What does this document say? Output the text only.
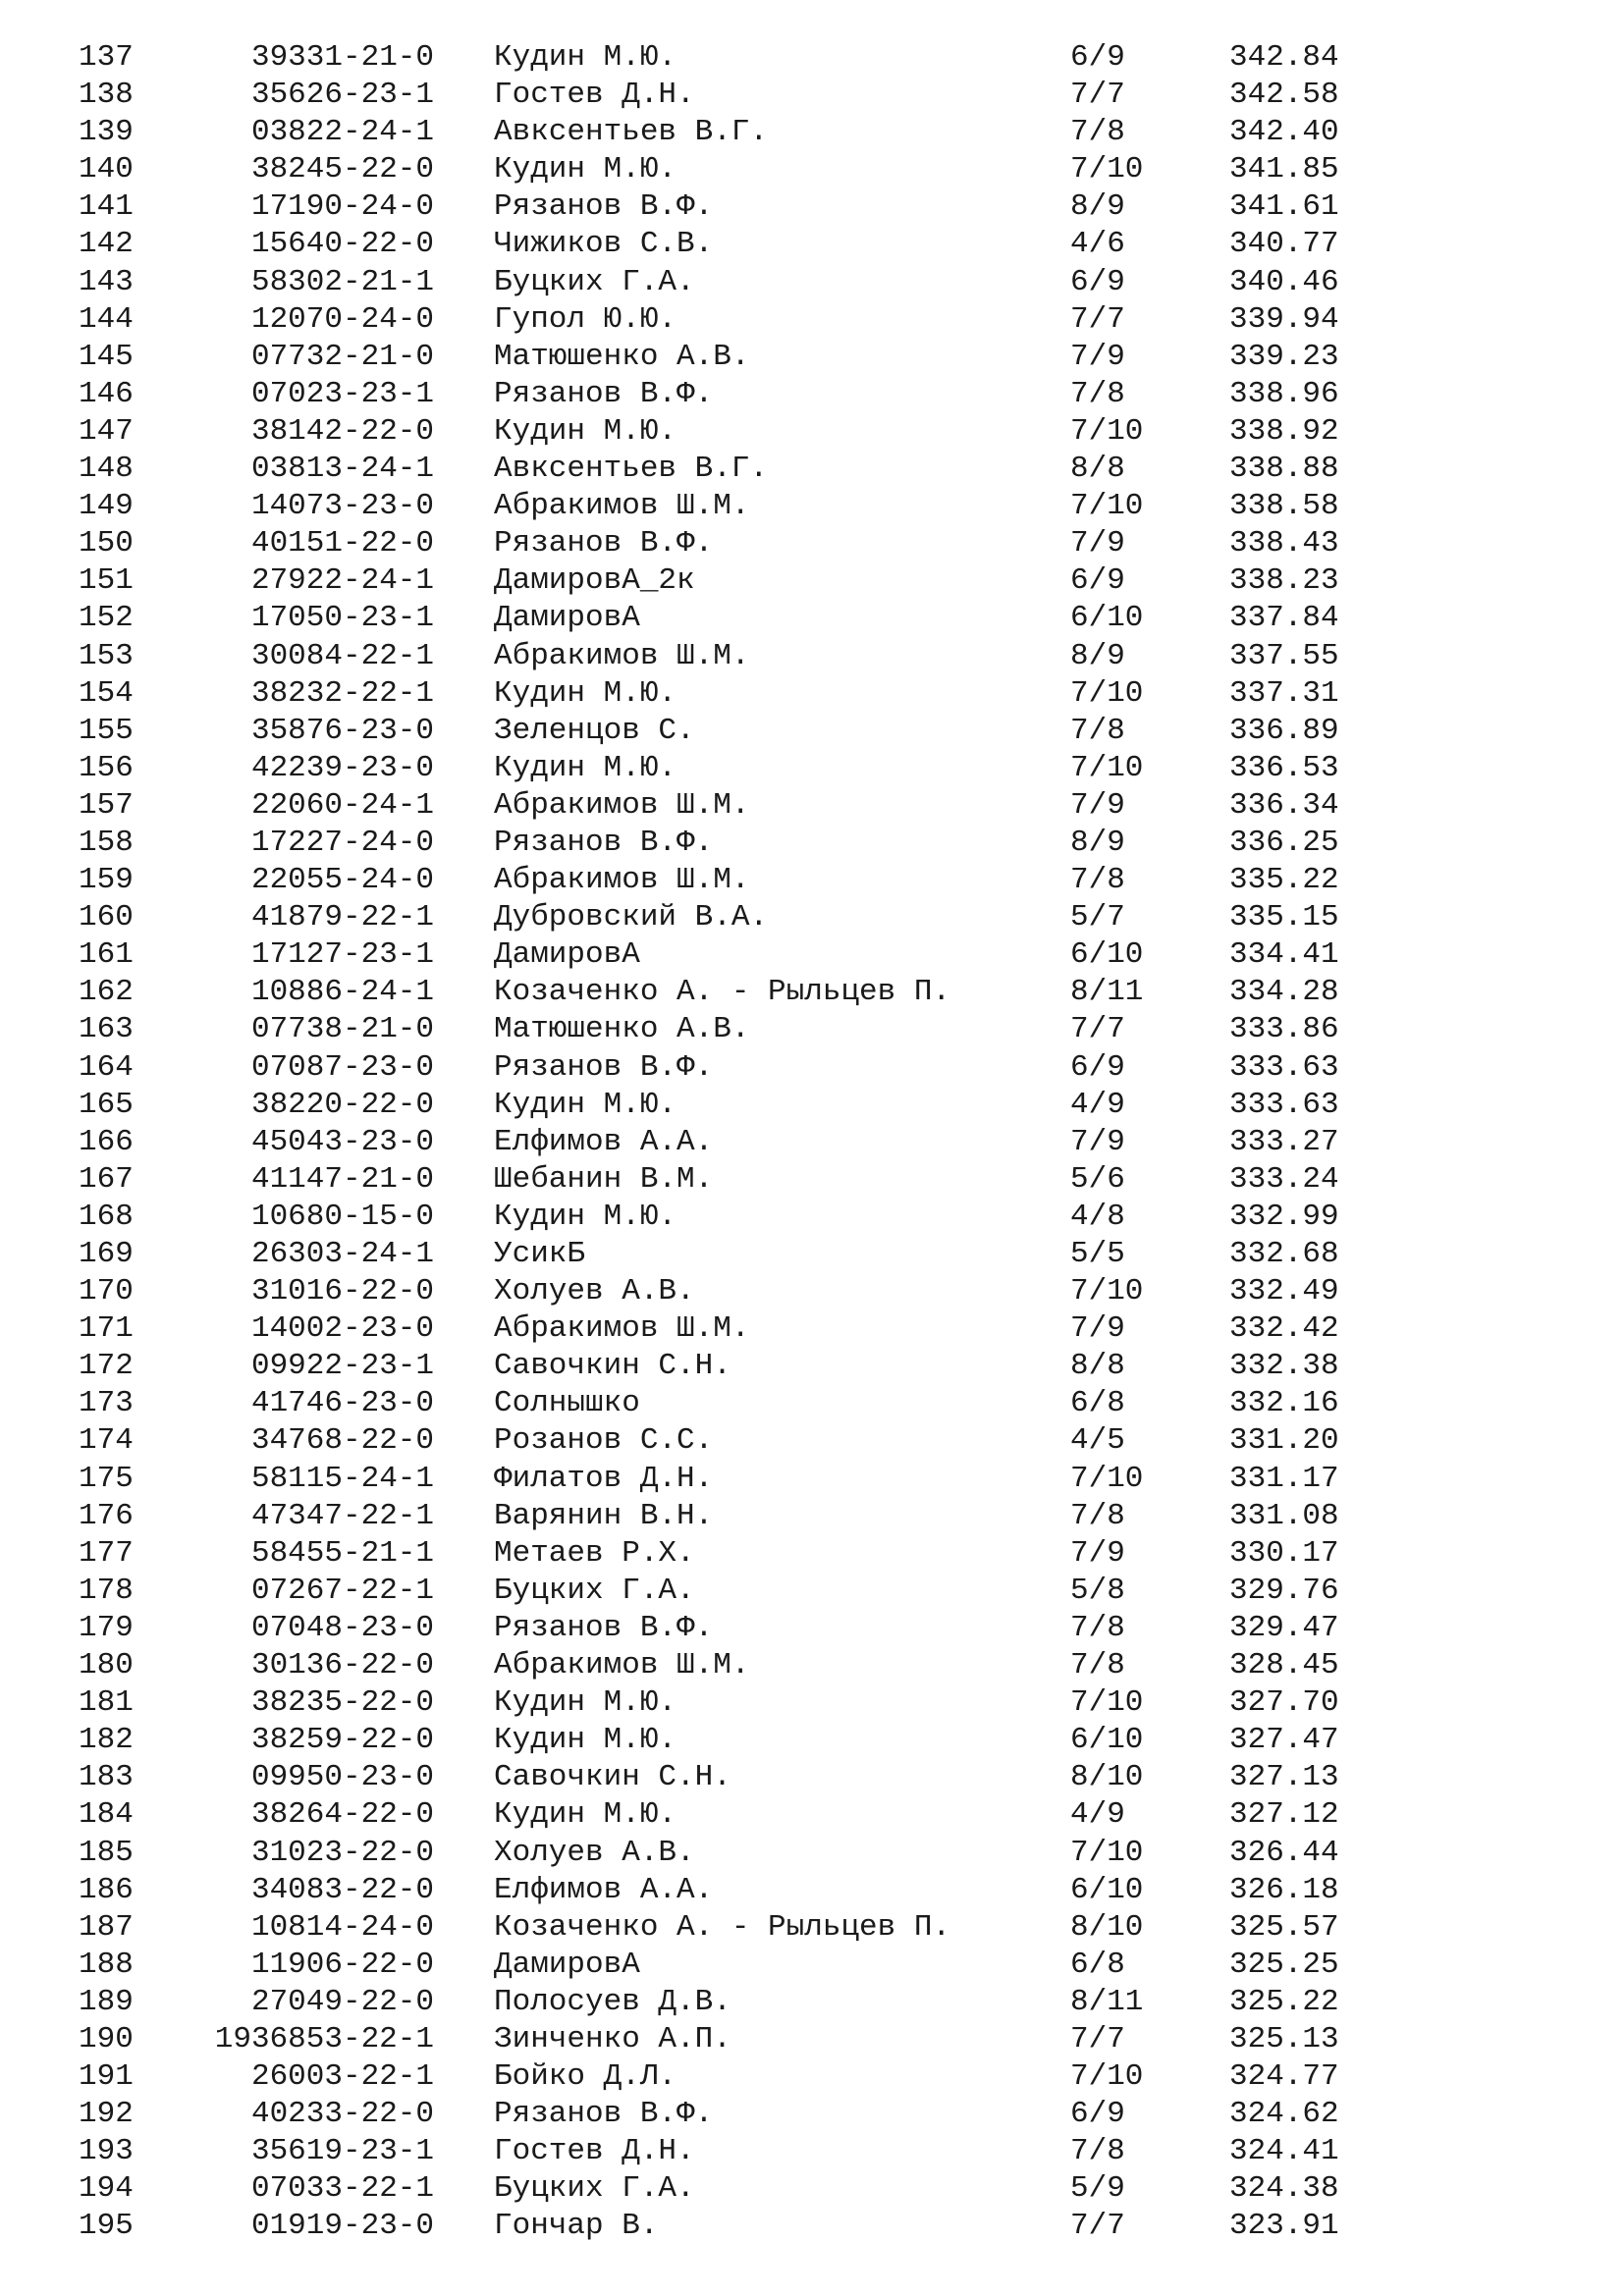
137	39331-21-0 Кудин М.Ю.	6/9	342.84
138	35626-23-1 Гостев Д.Н.	7/7	342.58
139	03822-24-1 Авксентьев В.Г.	7/8	342.40
140	38245-22-0 Кудин М.Ю.	7/10	341.85
141	17190-24-0 Рязанов В.Ф.	8/9	341.61
142	15640-22-0 Чижиков С.В.	4/6	340.77
143	58302-21-1 Буцких Г.А.	6/9	340.46
144	12070-24-0 Гупол Ю.Ю.	7/7	339.94
145	07732-21-0 Матюшенко А.В.	7/9	339.23
146	07023-23-1 Рязанов В.Ф.	7/8	338.96
147	38142-22-0 Кудин М.Ю.	7/10	338.92
148	03813-24-1 Авксентьев В.Г.	8/8	338.88
149	14073-23-0 Абракимов Ш.М.	7/10	338.58
150	40151-22-0 Рязанов В.Ф.	7/9	338.43
151	27922-24-1 ДамировА_2к	6/9	338.23
152	17050-23-1 ДамировА	6/10	337.84
153	30084-22-1 Абракимов Ш.М.	8/9	337.55
154	38232-22-1 Кудин М.Ю.	7/10	337.31
155	35876-23-0 Зеленцов С.	7/8	336.89
156	42239-23-0 Кудин М.Ю.	7/10	336.53
157	22060-24-1 Абракимов Ш.М.	7/9	336.34
158	17227-24-0 Рязанов В.Ф.	8/9	336.25
159	22055-24-0 Абракимов Ш.М.	7/8	335.22
160	41879-22-1 Дубровский В.А.	5/7	335.15
161	17127-23-1 ДамировА	6/10	334.41
162	10886-24-1 Козаченко А. - Рыльцев П.	8/11	334.28
163	07738-21-0 Матюшенко А.В.	7/7	333.86
164	07087-23-0 Рязанов В.Ф.	6/9	333.63
165	38220-22-0 Кудин М.Ю.	4/9	333.63
166	45043-23-0 Елфимов А.А.	7/9	333.27
167	41147-21-0 Шебанин В.М.	5/6	333.24
168	10680-15-0 Кудин М.Ю.	4/8	332.99
169	26303-24-1 УсикБ	5/5	332.68
170	31016-22-0 Холуев А.В.	7/10	332.49
171	14002-23-0 Абракимов Ш.М.	7/9	332.42
172	09922-23-1 Савочкин С.Н.	8/8	332.38
173	41746-23-0 Солнышко	6/8	332.16
174	34768-22-0 Розанов С.С.	4/5	331.20
175	58115-24-1 Филатов Д.Н.	7/10	331.17
176	47347-22-1 Варянин В.Н.	7/8	331.08
177	58455-21-1 Метаев Р.Х.	7/9	330.17
178	07267-22-1 Буцких Г.А.	5/8	329.76
179	07048-23-0 Рязанов В.Ф.	7/8	329.47
180	30136-22-0 Абракимов Ш.М.	7/8	328.45
181	38235-22-0 Кудин М.Ю.	7/10	327.70
182	38259-22-0 Кудин М.Ю.	6/10	327.47
183	09950-23-0 Савочкин С.Н.	8/10	327.13
184	38264-22-0 Кудин М.Ю.	4/9	327.12
185	31023-22-0 Холуев А.В.	7/10	326.44
186	34083-22-0 Елфимов А.А.	6/10	326.18
187	10814-24-0 Козаченко А. - Рыльцев П.	8/10	325.57
188	11906-22-0 ДамировА	6/8	325.25
189	27049-22-0 Полосуев Д.В.	8/11	325.22
190	1936853-22-1 Зинченко А.П.	7/7	325.13
191	26003-22-1 Бойко Д.Л.	7/10	324.77
192	40233-22-0 Рязанов В.Ф.	6/9	324.62
193	35619-23-1 Гостев Д.Н.	7/8	324.41
194	07033-22-1 Буцких Г.А.	5/9	324.38
195	01919-23-0 Гончар В.	7/7	323.91
